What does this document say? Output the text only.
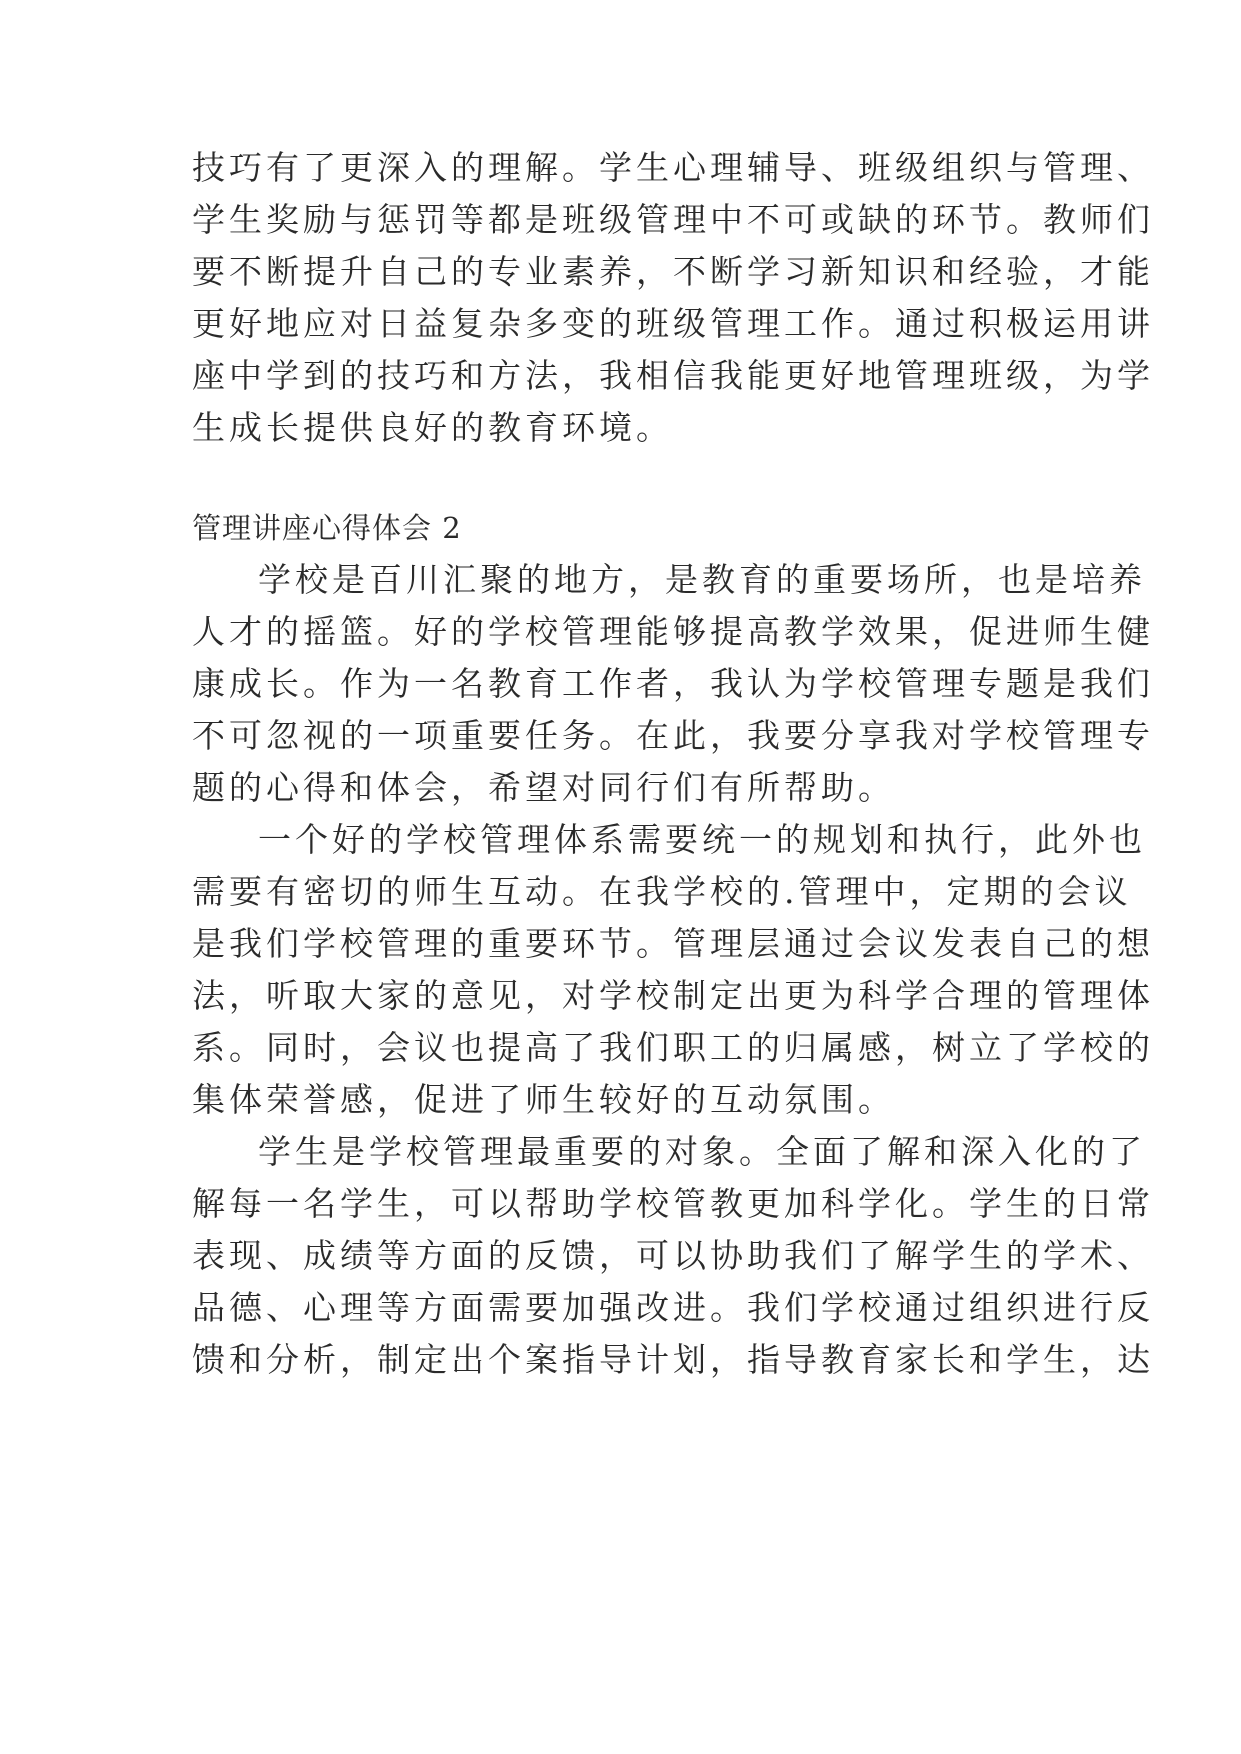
技巧有了更深入的理解。学生心理辅导、班级组织与管理、
学生奖励与惩罚等都是班级管理中不可或缺的环节。教师们
要不断提升自己的专业素养，不断学习新知识和经验，才能
更好地应对日益复杂多变的班级管理工作。通过积极运用讲
座中学到的技巧和方法，我相信我能更好地管理班级，为学
生成长提供良好的教育环境。
管理讲座心得体会 2
学校是百川汇聚的地方，是教育的重要场所，也是培养
人才的摇篮。好的学校管理能够提高教学效果，促进师生健
康成长。作为一名教育工作者，我认为学校管理专题是我们
不可忽视的一项重要任务。在此，我要分享我对学校管理专
题的心得和体会，希望对同行们有所帮助。
一个好的学校管理体系需要统一的规划和执行，此外也
需要有密切的师生互动。在我学校的.管理中，定期的会议
是我们学校管理的重要环节。管理层通过会议发表自己的想
法，听取大家的意见，对学校制定出更为科学合理的管理体
系。同时，会议也提高了我们职工的归属感，树立了学校的
集体荣誉感，促进了师生较好的互动氛围。
学生是学校管理最重要的对象。全面了解和深入化的了
解每一名学生，可以帮助学校管教更加科学化。学生的日常
表现、成绩等方面的反馈，可以协助我们了解学生的学术、
品德、心理等方面需要加强改进。我们学校通过组织进行反
馈和分析，制定出个案指导计划，指导教育家长和学生，达
